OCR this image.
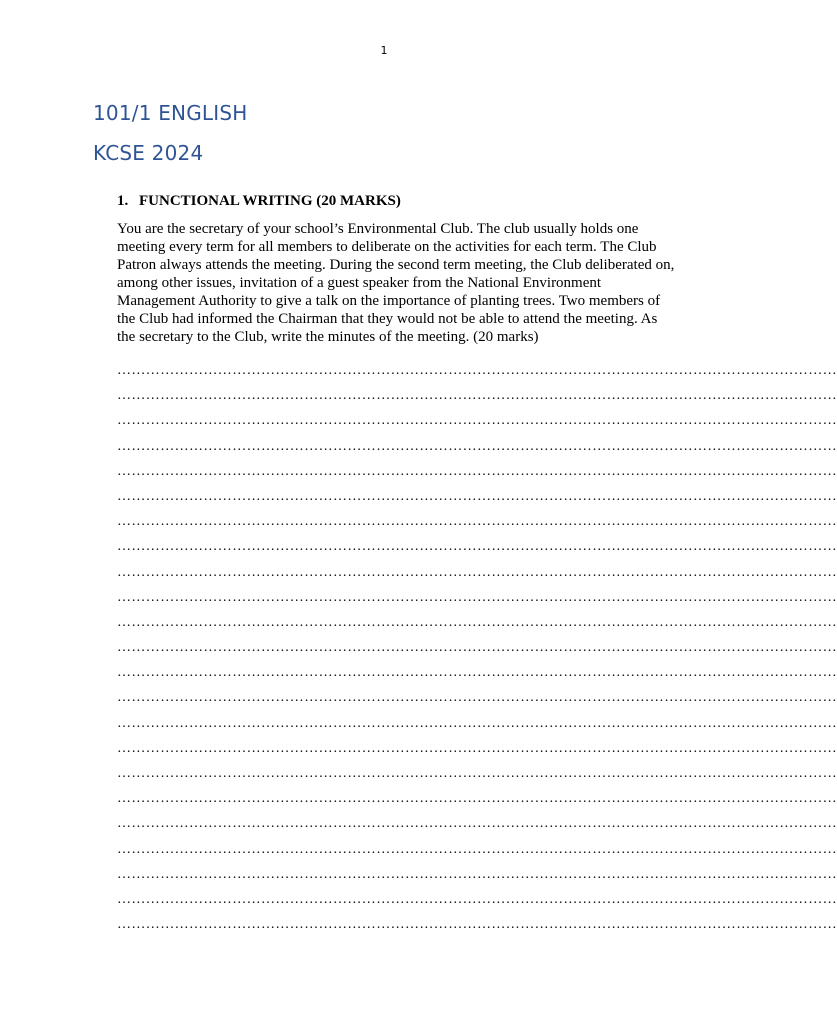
1
101/1 ENGLISH
KCSE 2024
1. FUNCTIONAL WRITING (20 MARKS)
You are the secretary of your school’s Environmental Club. The club usually holds one meeting every term for all members to deliberate on the activities for each term. The Club Patron always attends the meeting. During the second term meeting, the Club deliberated on, among other issues, invitation of a guest speaker from the National Environment Management Authority to give a talk on the importance of planting trees. Two members of the Club had informed the Chairman that they would not be able to attend the meeting. As the secretary to the Club, write the minutes of the meeting. (20 marks)
……………………………………………………………………………………………………………………………………
……………………………………………………………………………………………………………………………………
……………………………………………………………………………………………………………………………………
……………………………………………………………………………………………………………………………………
……………………………………………………………………………………………………………………………………
……………………………………………………………………………………………………………………………………
……………………………………………………………………………………………………………………………………
……………………………………………………………………………………………………………………………………
……………………………………………………………………………………………………………………………………
……………………………………………………………………………………………………………………………………
……………………………………………………………………………………………………………………………………
……………………………………………………………………………………………………………………………………
……………………………………………………………………………………………………………………………………
……………………………………………………………………………………………………………………………………
……………………………………………………………………………………………………………………………………
……………………………………………………………………………………………………………………………………
……………………………………………………………………………………………………………………………………
……………………………………………………………………………………………………………………………………
……………………………………………………………………………………………………………………………………
……………………………………………………………………………………………………………………………………
……………………………………………………………………………………………………………………………………
……………………………………………………………………………………………………………………………………
……………………………………………………………………………………………………………………………………
